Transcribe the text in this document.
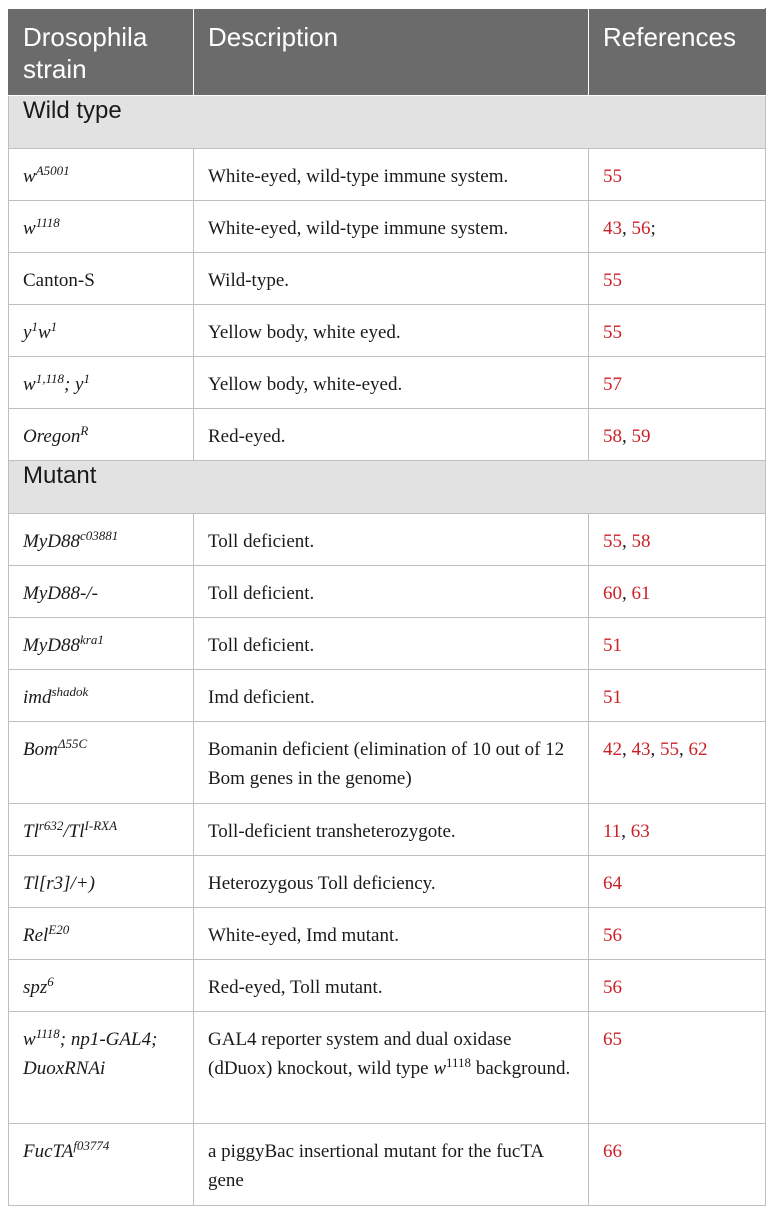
Drosophila
strain	Description	References
Wild type		
$w^{A5001}$	White-eyed, wild-type immune system.	55
$w^{1118}$	White-eyed, wild-type immune system.	43, 56;
Canton-S	Wild-type.	55
$y^1w^1$	Yellow body, white eyed.	55
$w^{1,118}$; $y^1$	Yellow body, white-eyed.	57
Oregon$^R$	Red-eyed.	58, 59
Mutant		
$MyD88^{c03881}$	Toll deficient.	55, 58
MyD88-/-	Toll deficient.	60, 61
$MyD88^{kra1}$	Toll deficient.	51
imd$^{shadok}$	Imd deficient.	51
Bom$^{\Delta 55C}$	Bomanin deficient (elimination of 10 out of 12 Bom genes in the genome)	42, 43, 55, 62
$Tl^{r632}/Tl^{I-RXA}$	Toll-deficient transheterozygote.	11, 63
Tl[r3]/+)	Heterozygous Toll deficiency.	64
Rel$^{E20}$	White-eyed, Imd mutant.	56
spz$^6$	Red-eyed, Toll mutant.	56
$w^{1118}$; np1-GAL4; DuoxRNAi	GAL4 reporter system and dual oxidase (dDuox) knockout, wild type $w^{1118}$ background.	65
FucTA$^{f03774}$	a piggyBac insertional mutant for the fucTA gene	66
